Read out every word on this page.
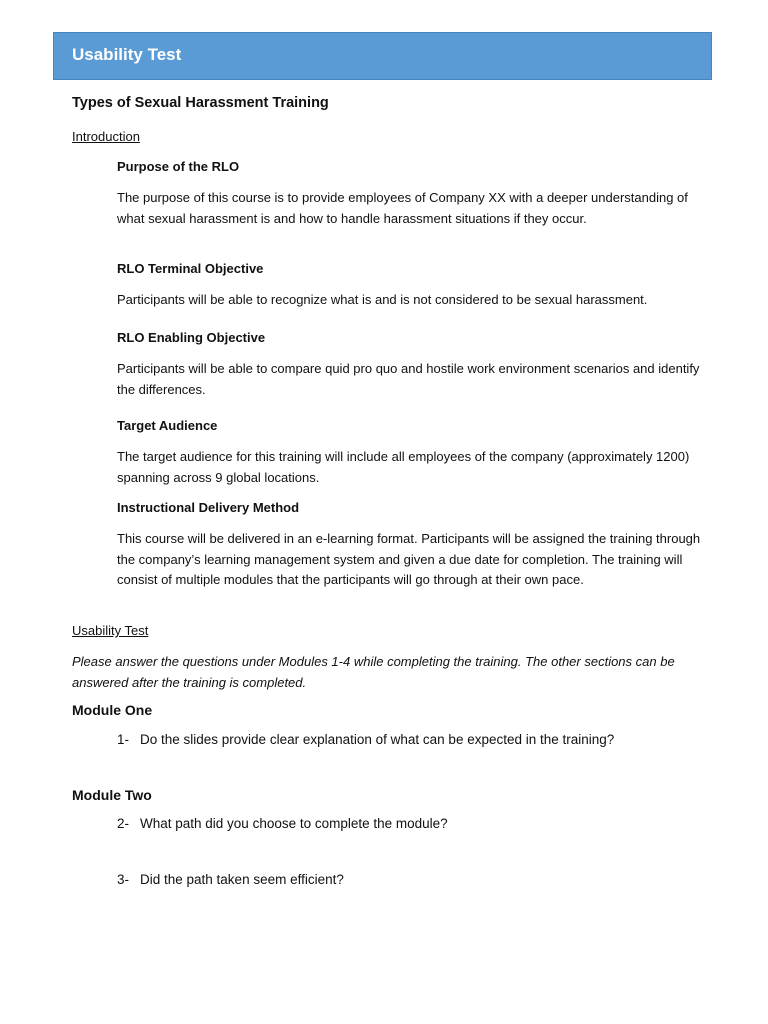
Usability Test
Types of Sexual Harassment Training
Introduction
Purpose of the RLO
The purpose of this course is to provide employees of Company XX with a deeper understanding of what sexual harassment is and how to handle harassment situations if they occur.
RLO Terminal Objective
Participants will be able to recognize what is and is not considered to be sexual harassment.
RLO Enabling Objective
Participants will be able to compare quid pro quo and hostile work environment scenarios and identify the differences.
Target Audience
The target audience for this training will include all employees of the company (approximately 1200) spanning across 9 global locations.
Instructional Delivery Method
This course will be delivered in an e-learning format. Participants will be assigned the training through the company’s learning management system and given a due date for completion. The training will consist of multiple modules that the participants will go through at their own pace.
Usability Test
Please answer the questions under Modules 1-4 while completing the training. The other sections can be answered after the training is completed.
Module One
1- Do the slides provide clear explanation of what can be expected in the training?
Module Two
2- What path did you choose to complete the module?
3- Did the path taken seem efficient?
